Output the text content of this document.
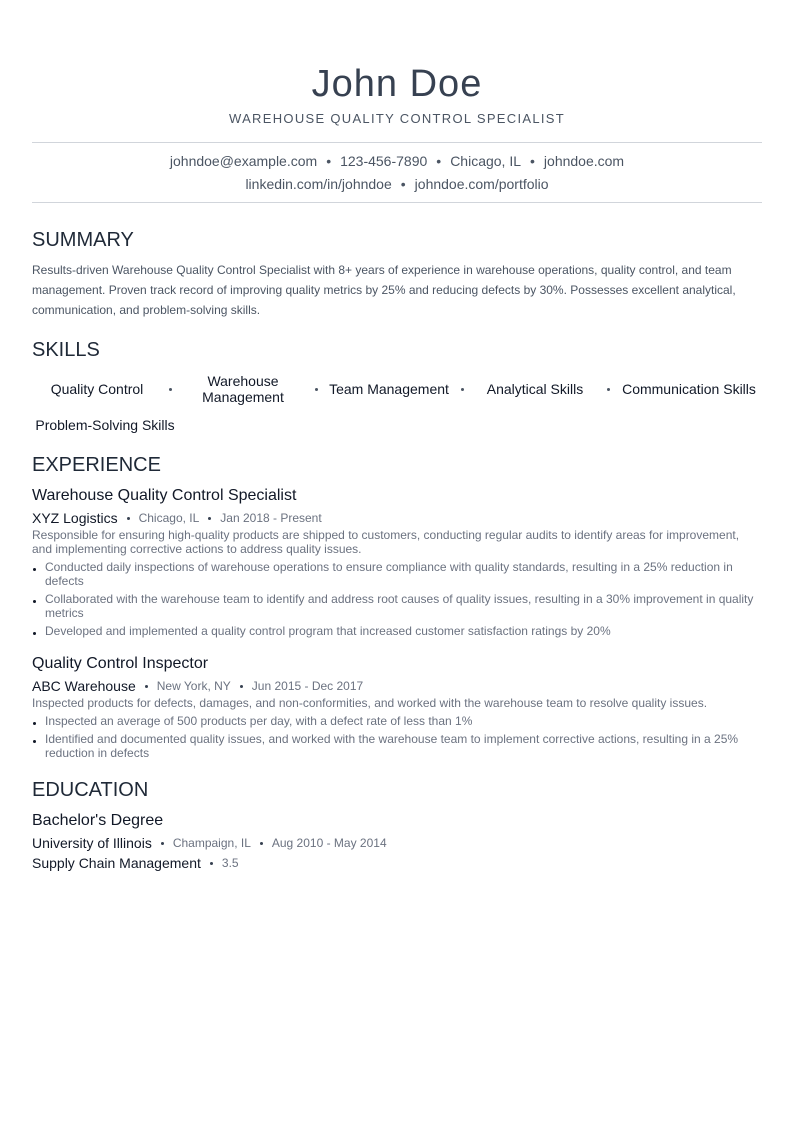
John Doe
WAREHOUSE QUALITY CONTROL SPECIALIST
johndoe@example.com • 123-456-7890 • Chicago, IL • johndoe.com
linkedin.com/in/johndoe • johndoe.com/portfolio
SUMMARY
Results-driven Warehouse Quality Control Specialist with 8+ years of experience in warehouse operations, quality control, and team management. Proven track record of improving quality metrics by 25% and reducing defects by 30%. Possesses excellent analytical, communication, and problem-solving skills.
SKILLS
Quality Control	Warehouse Management	Team Management	Analytical Skills	Communication Skills
Problem-Solving Skills
EXPERIENCE
Warehouse Quality Control Specialist
XYZ Logistics Chicago, IL Jan 2018 - Present
Responsible for ensuring high-quality products are shipped to customers, conducting regular audits to identify areas for improvement, and implementing corrective actions to address quality issues.
Conducted daily inspections of warehouse operations to ensure compliance with quality standards, resulting in a 25% reduction in defects
Collaborated with the warehouse team to identify and address root causes of quality issues, resulting in a 30% improvement in quality metrics
Developed and implemented a quality control program that increased customer satisfaction ratings by 20%
Quality Control Inspector
ABC Warehouse New York, NY Jun 2015 - Dec 2017
Inspected products for defects, damages, and non-conformities, and worked with the warehouse team to resolve quality issues.
Inspected an average of 500 products per day, with a defect rate of less than 1%
Identified and documented quality issues, and worked with the warehouse team to implement corrective actions, resulting in a 25% reduction in defects
EDUCATION
Bachelor's Degree
University of Illinois Champaign, IL Aug 2010 - May 2014
Supply Chain Management 3.5
